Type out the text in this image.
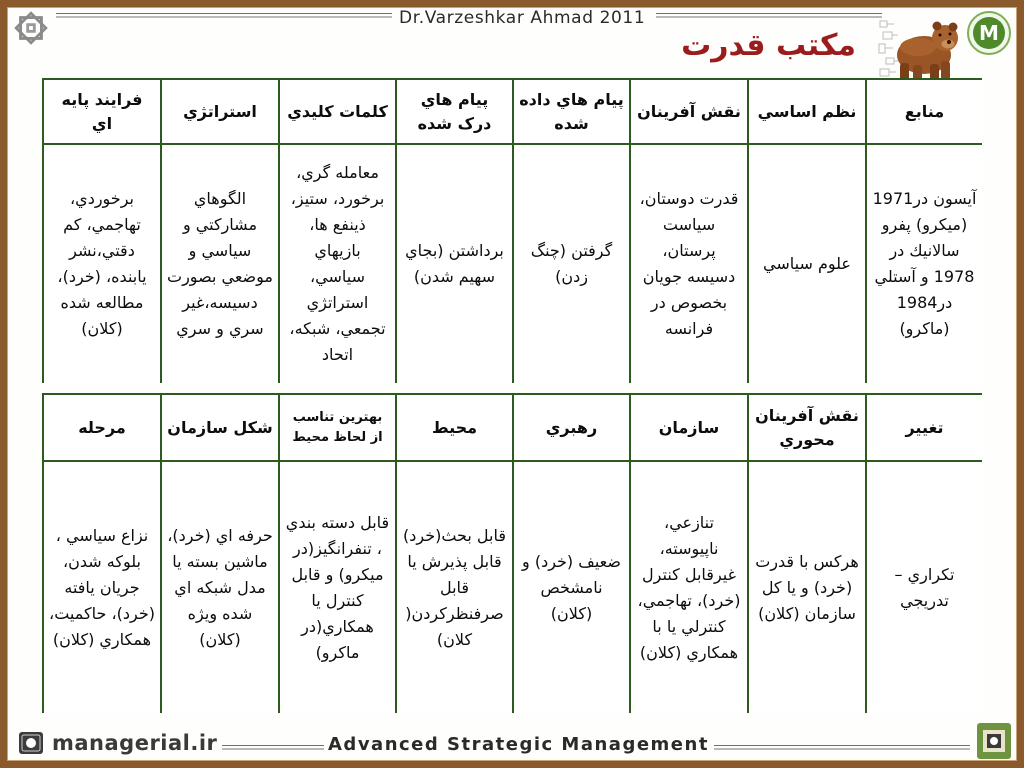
Dr.Varzeshkar Ahmad 2011
مکتب قدرت	M
منابع	نظم اساسي	نقش آفرينان	پيام هاي داده شده	پيام هاي درک شده	کلمات کليدي	استراتژي	فرايند پايه اي
آيسون در1971 (ميکرو) پفرو سالانيك در 1978 و آستلي در1984 (ماكرو)	علوم سياسي	قدرت دوستان، سياست پرستان، دسيسه جويان بخصوص در فرانسه	گرفتن (چنگ زدن)	برداشتن (بجاي سهيم شدن)	معامله گري، برخورد، ستيز، ذينفع ها، بازيهاي سياسي، استراتژي تجمعي، شبکه، اتحاد	الگوهاي مشارکتي و سياسي و موضعي بصورت دسيسه،غير سري و سري	برخوردي، تهاجمي، کم دقتي،نشر يابنده، (خرد)، مطالعه شده (کلان)
تغيير	نقش آفرينان محوري	سازمان	رهبري	محيط	بهترين تناسب از لحاظ محيط	شکل سازمان	مرحله
تکراري – تدريجي	هرکس با قدرت (خرد) و يا کل سازمان (کلان)	تنازعي، ناپيوسته، غيرقابل کنترل (خرد)، تهاجمي، کنترلي يا با همکاري (کلان)	ضعيف (خرد) و نامشخص (کلان)	قابل بحث(خرد) قابل پذيرش يا قابل صرفنظرکردن( کلان)	قابل دسته بندي ، تنفرانگيز(در ميکرو) و قابل کنترل يا همکاري(در ماکرو)	حرفه اي (خرد)، ماشين بسته يا مدل شبکه اي شده ويژه (کلان)	نزاع سياسي ، بلوکه شدن، جريان يافته (خرد)، حاکميت، همکاري (کلان)
managerial.ir	Advanced Strategic Management
